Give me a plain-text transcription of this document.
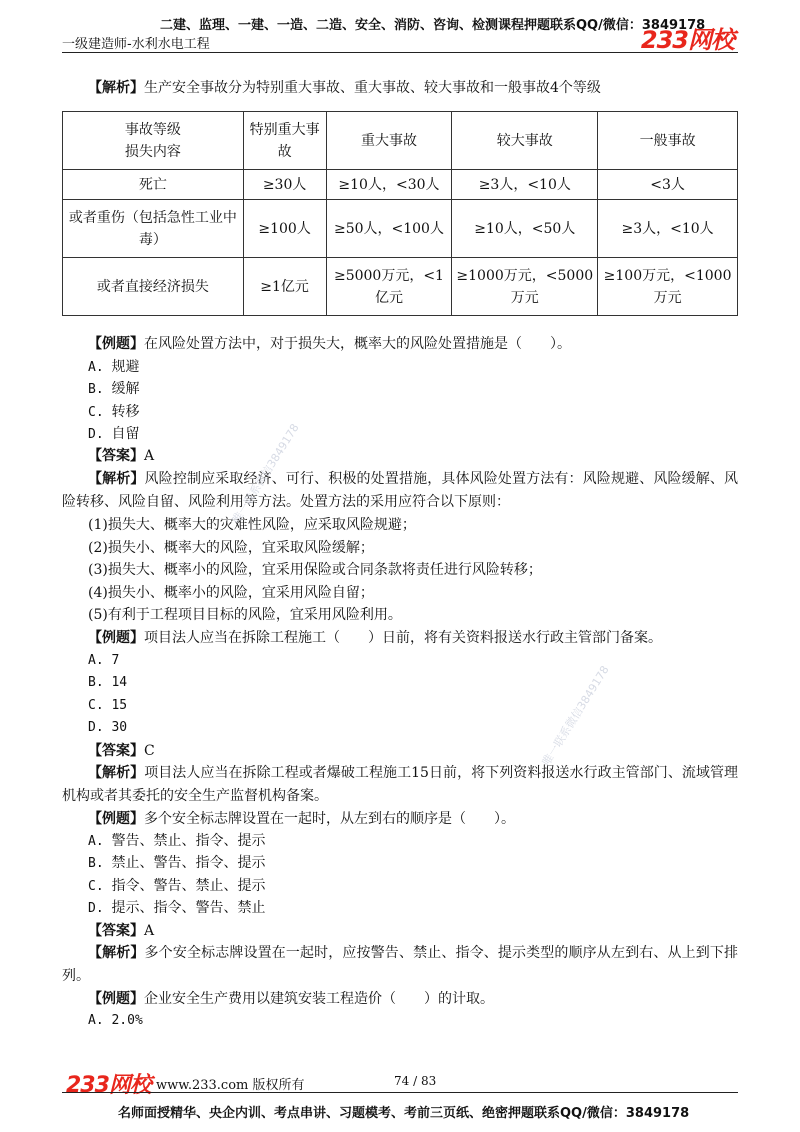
二建、监理、一建、一造、二造、安全、消防、咨询、检测课程押题联系QQ/微信：3849178
一级建造师-水利水电工程	233网校
【解析】生产安全事故分为特别重大事故、重大事故、较大事故和一般事故4个等级
事故等级
损失内容	特别重大事故	重大事故	较大事故	一般事故
死亡	≥30人	≥10人，<30人	≥3人，<10人	<3人
或者重伤（包括急性工业中毒）	≥100人	≥50人，<100人	≥10人，<50人	≥3人，<10人
或者直接经济损失	≥1亿元	≥5000万元，<1亿元	≥1000万元，<5000万元	≥100万元，<1000万元
【例题】在风险处置方法中，对于损失大，概率大的风险处置措施是（　　）。
A. 规避
B. 缓解
C. 转移
D. 自留
【答案】A
【解析】风险控制应采取经济、可行、积极的处置措施，具体风险处置方法有：风险规避、风险缓解、风险转移、风险自留、风险利用等方法。处置方法的采用应符合以下原则：
(1)损失大、概率大的灾难性风险，应采取风险规避；
(2)损失小、概率大的风险，宜采取风险缓解；
(3)损失大、概率小的风险，宜采用保险或合同条款将责任进行风险转移；
(4)损失小、概率小的风险，宜采用风险自留；
(5)有利于工程项目目标的风险，宜采用风险利用。
【例题】项目法人应当在拆除工程施工（　　）日前，将有关资料报送水行政主管部门备案。
A. 7
B. 14
C. 15
D. 30
【答案】C
【解析】项目法人应当在拆除工程或者爆破工程施工15日前，将下列资料报送水行政主管部门、流域管理机构或者其委托的安全生产监督机构备案。
【例题】多个安全标志牌设置在一起时，从左到右的顺序是（　　）。
A. 警告、禁止、指令、提示
B. 禁止、警告、指令、提示
C. 指令、警告、禁止、提示
D. 提示、指令、警告、禁止
【答案】A
【解析】多个安全标志牌设置在一起时，应按警告、禁止、指令、提示类型的顺序从左到右、从上到下排列。
【例题】企业安全生产费用以建筑安装工程造价（　　）的计取。
A. 2.0%
唯一联系微信3849178
唯一联系微信3849178
233网校 www.233.com 版权所有	74 / 83
名师面授精华、央企内训、考点串讲、习题模考、考前三页纸、绝密押题联系QQ/微信：3849178
